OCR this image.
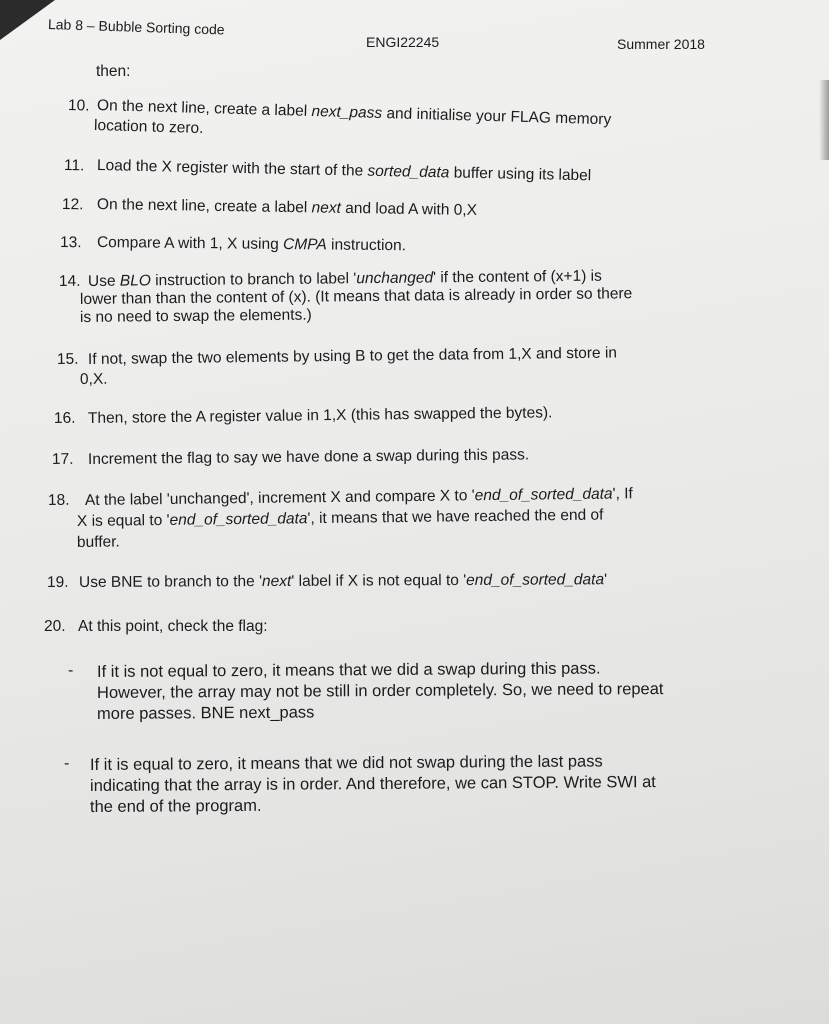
Lab 8 – Bubble Sorting code
ENGI22245	Summer 2018
then:
10. On the next line, create a label next_pass and initialise your FLAG memory
location to zero.
11. Load the X register with the start of the sorted_data buffer using its label
12. On the next line, create a label next and load A with 0,X
13. Compare A with 1, X using CMPA instruction.
14. Use BLO instruction to branch to label 'unchanged' if the content of (x+1) is
lower than than the content of (x). (It means that data is already in order so there
is no need to swap the elements.)
15. If not, swap the two elements by using B to get the data from 1,X and store in
0,X.
16. Then, store the A register value in 1,X (this has swapped the bytes).
17. Increment the flag to say we have done a swap during this pass.
18. At the label 'unchanged', increment X and compare X to 'end_of_sorted_data', If
X is equal to 'end_of_sorted_data', it means that we have reached the end of
buffer.
19. Use BNE to branch to the 'next' label if X is not equal to 'end_of_sorted_data'
20. At this point, check the flag:
- If it is not equal to zero, it means that we did a swap during this pass.
However, the array may not be still in order completely. So, we need to repeat
more passes. BNE next_pass
- If it is equal to zero, it means that we did not swap during the last pass
indicating that the array is in order. And therefore, we can STOP. Write SWI at
the end of the program.
